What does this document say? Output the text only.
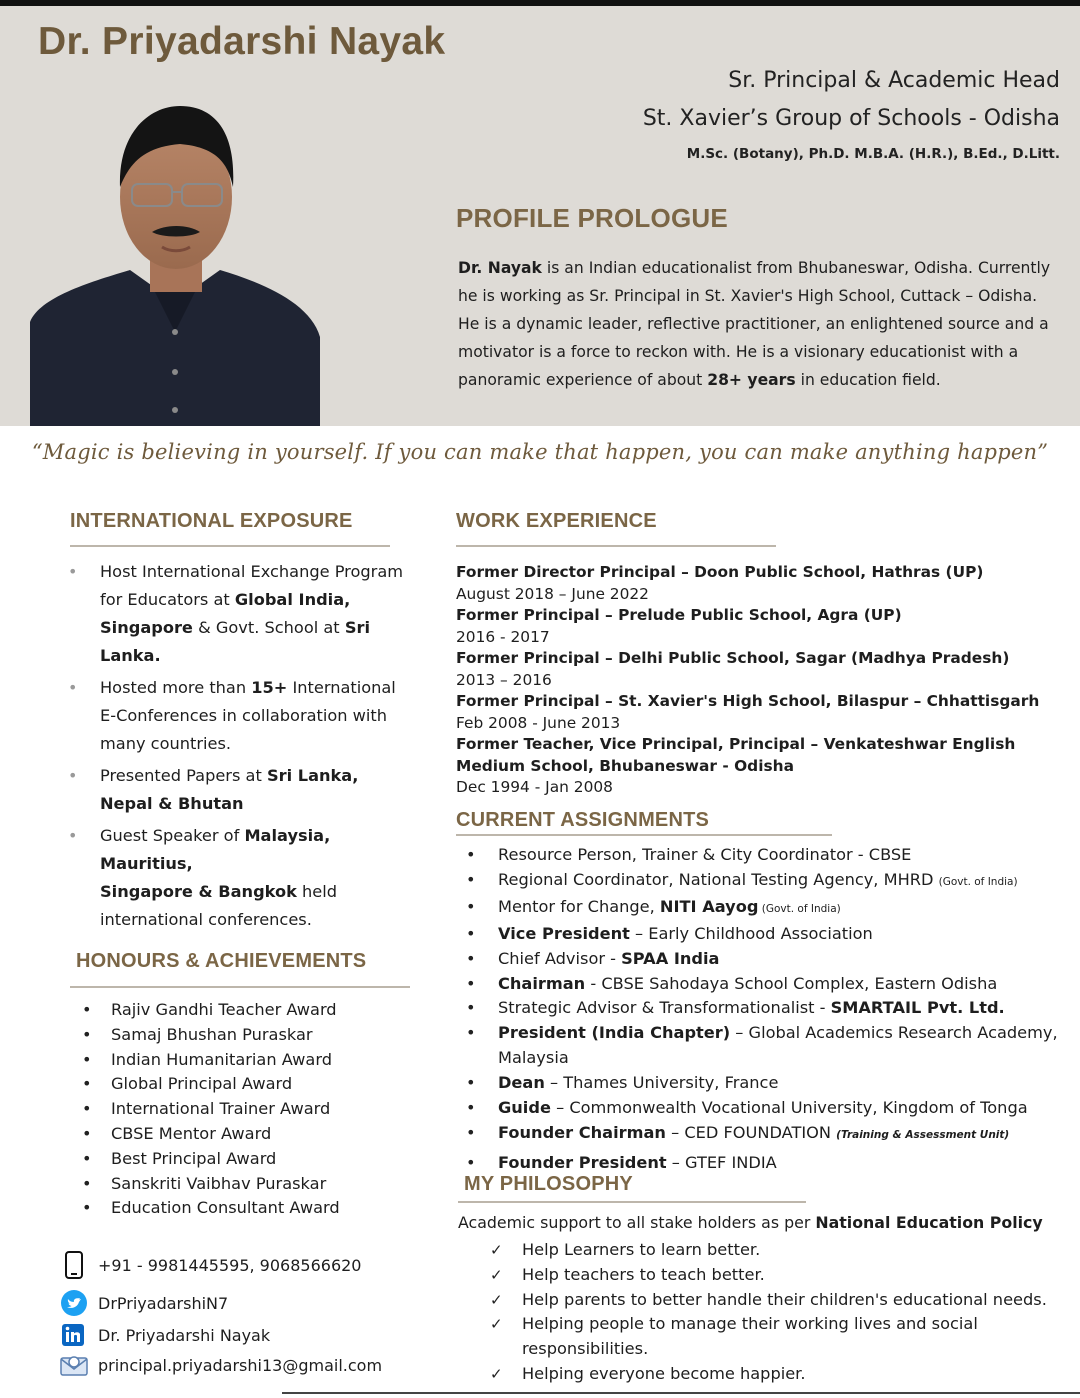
Dr. Priyadarshi Nayak
Sr. Principal & Academic Head
St. Xavier’s Group of Schools - Odisha
M.Sc. (Botany), Ph.D. M.B.A. (H.R.), B.Ed., D.Litt.
PROFILE PROLOGUE
Dr. Nayak is an Indian educationalist from Bhubaneswar, Odisha. Currently he is working as Sr. Principal in St. Xavier's High School, Cuttack – Odisha. He is a dynamic leader, reflective practitioner, an enlightened source and a motivator is a force to reckon with. He is a visionary educationist with a panoramic experience of about 28+ years in education field.
“Magic is believing in yourself. If you can make that happen, you can make anything happen”
INTERNATIONAL EXPOSURE
• Host International Exchange Program for Educators at Global India, Singapore & Govt. School at Sri Lanka.
• Hosted more than 15+ International E-Conferences in collaboration with many countries.
• Presented Papers at Sri Lanka, Nepal & Bhutan
• Guest Speaker of Malaysia, Mauritius,
Singapore & Bangkok held international conferences.
HONOURS & ACHIEVEMENTS
• Rajiv Gandhi Teacher Award
• Samaj Bhushan Puraskar
• Indian Humanitarian Award
• Global Principal Award
• International Trainer Award
• CBSE Mentor Award
• Best Principal Award
• Sanskriti Vaibhav Puraskar
• Education Consultant Award
+91 - 9981445595, 9068566620
DrPriyadarshiN7
Dr. Priyadarshi Nayak
principal.priyadarshi13@gmail.com
WORK EXPERIENCE
Former Director Principal – Doon Public School, Hathras (UP)
August 2018 – June 2022
Former Principal – Prelude Public School, Agra (UP)
2016 - 2017
Former Principal – Delhi Public School, Sagar (Madhya Pradesh)
2013 – 2016
Former Principal – St. Xavier's High School, Bilaspur – Chhattisgarh
Feb 2008 - June 2013
Former Teacher, Vice Principal, Principal – Venkateshwar English Medium School, Bhubaneswar - Odisha
Dec 1994 - Jan 2008
CURRENT ASSIGNMENTS
• Resource Person, Trainer & City Coordinator - CBSE
• Regional Coordinator, National Testing Agency, MHRD (Govt. of India)
• Mentor for Change, NITI Aayog (Govt. of India)
• Vice President – Early Childhood Association
• Chief Advisor - SPAA India
• Chairman - CBSE Sahodaya School Complex, Eastern Odisha
• Strategic Advisor & Transformationalist - SMARTAIL Pvt. Ltd.
• President (India Chapter) – Global Academics Research Academy, Malaysia
• Dean – Thames University, France
• Guide – Commonwealth Vocational University, Kingdom of Tonga
• Founder Chairman – CED FOUNDATION (Training & Assessment Unit)
• Founder President – GTEF INDIA
MY PHILOSOPHY
Academic support to all stake holders as per National Education Policy
✓ Help Learners to learn better.
✓ Help teachers to teach better.
✓ Help parents to better handle their children's educational needs.
✓ Helping people to manage their working lives and social responsibilities.
✓ Helping everyone become happier.
